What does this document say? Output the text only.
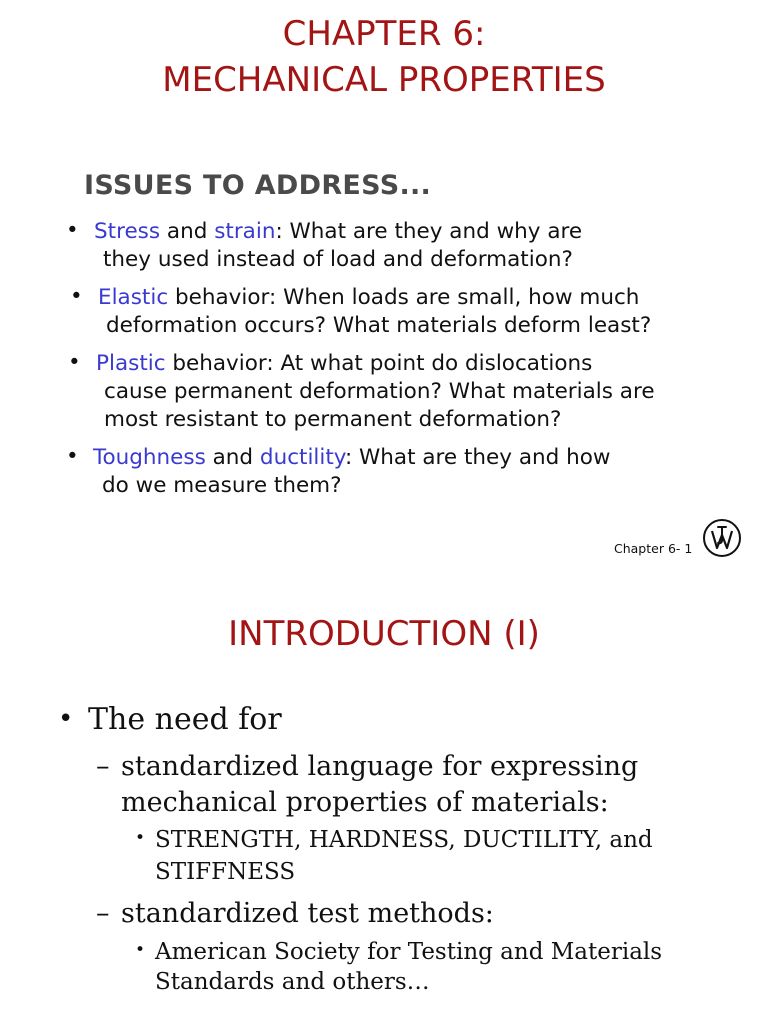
CHAPTER 6:
MECHANICAL PROPERTIES
ISSUES TO ADDRESS...
• Stress and strain: What are they and why are
they used instead of load and deformation?
• Elastic behavior: When loads are small, how much
deformation occurs? What materials deform least?
• Plastic behavior: At what point do dislocations
cause permanent deformation? What materials are
most resistant to permanent deformation?
• Toughness and ductility: What are they and how
do we measure them?
Chapter 6- 1
INTRODUCTION (I)
• The need for
– standardized language for expressing
mechanical properties of materials:
• STRENGTH, HARDNESS, DUCTILITY, and
STIFFNESS
– standardized test methods:
• American Society for Testing and Materials
Standards and others…
